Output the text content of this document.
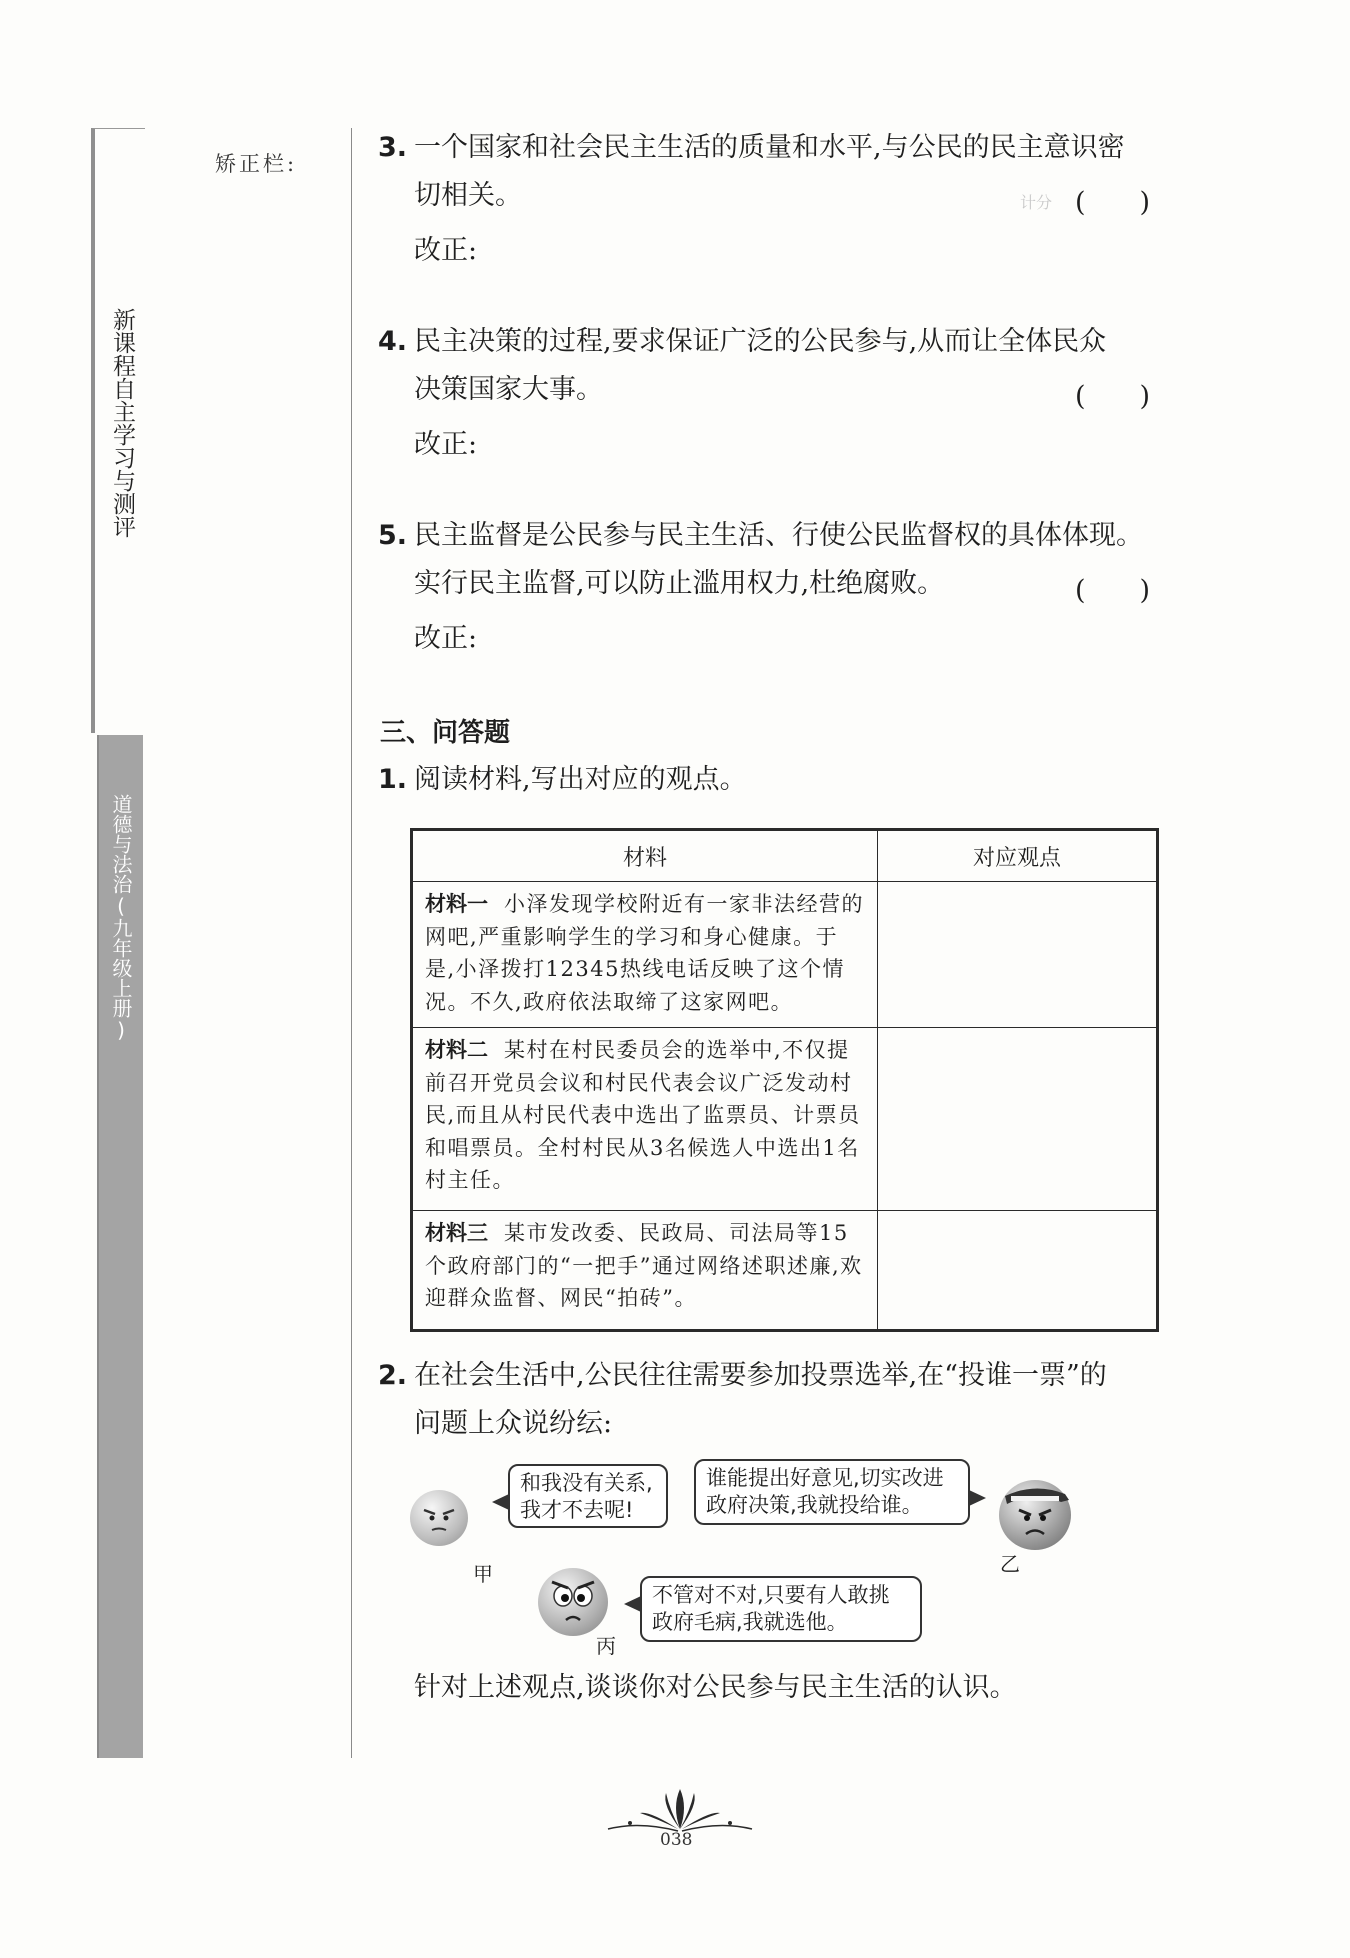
新课程自主学习与测评
道德与法治(九年级上册)
矫正栏:
3. 一个国家和社会民主生活的质量和水平,与公民的民主意识密
切相关。	计分 (　　)
改正:
4. 民主决策的过程,要求保证广泛的公民参与,从而让全体民众
决策国家大事。	(　　)
改正:
5. 民主监督是公民参与民主生活、行使公民监督权的具体体现。
实行民主监督,可以防止滥用权力,杜绝腐败。	(　　)
改正:
三、问答题
1. 阅读材料,写出对应的观点。
材料	对应观点
材料一 小泽发现学校附近有一家非法经营的网吧,严重影响学生的学习和身心健康。于是,小泽拨打12345热线电话反映了这个情况。不久,政府依法取缔了这家网吧。	
材料二 某村在村民委员会的选举中,不仅提前召开党员会议和村民代表会议广泛发动村民,而且从村民代表中选出了监票员、计票员和唱票员。全村村民从3名候选人中选出1名村主任。	
材料三 某市发改委、民政局、司法局等15个政府部门的“一把手”通过网络述职述廉,欢迎群众监督、网民“拍砖”。	
2. 在社会生活中,公民往往需要参加投票选举,在“投谁一票”的
问题上众说纷纭:
甲
和我没有关系,我才不去呢!
谁能提出好意见,切实改进政府决策,我就投给谁。
乙
丙
不管对不对,只要有人敢挑政府毛病,我就选他。
针对上述观点,谈谈你对公民参与民主生活的认识。
038
